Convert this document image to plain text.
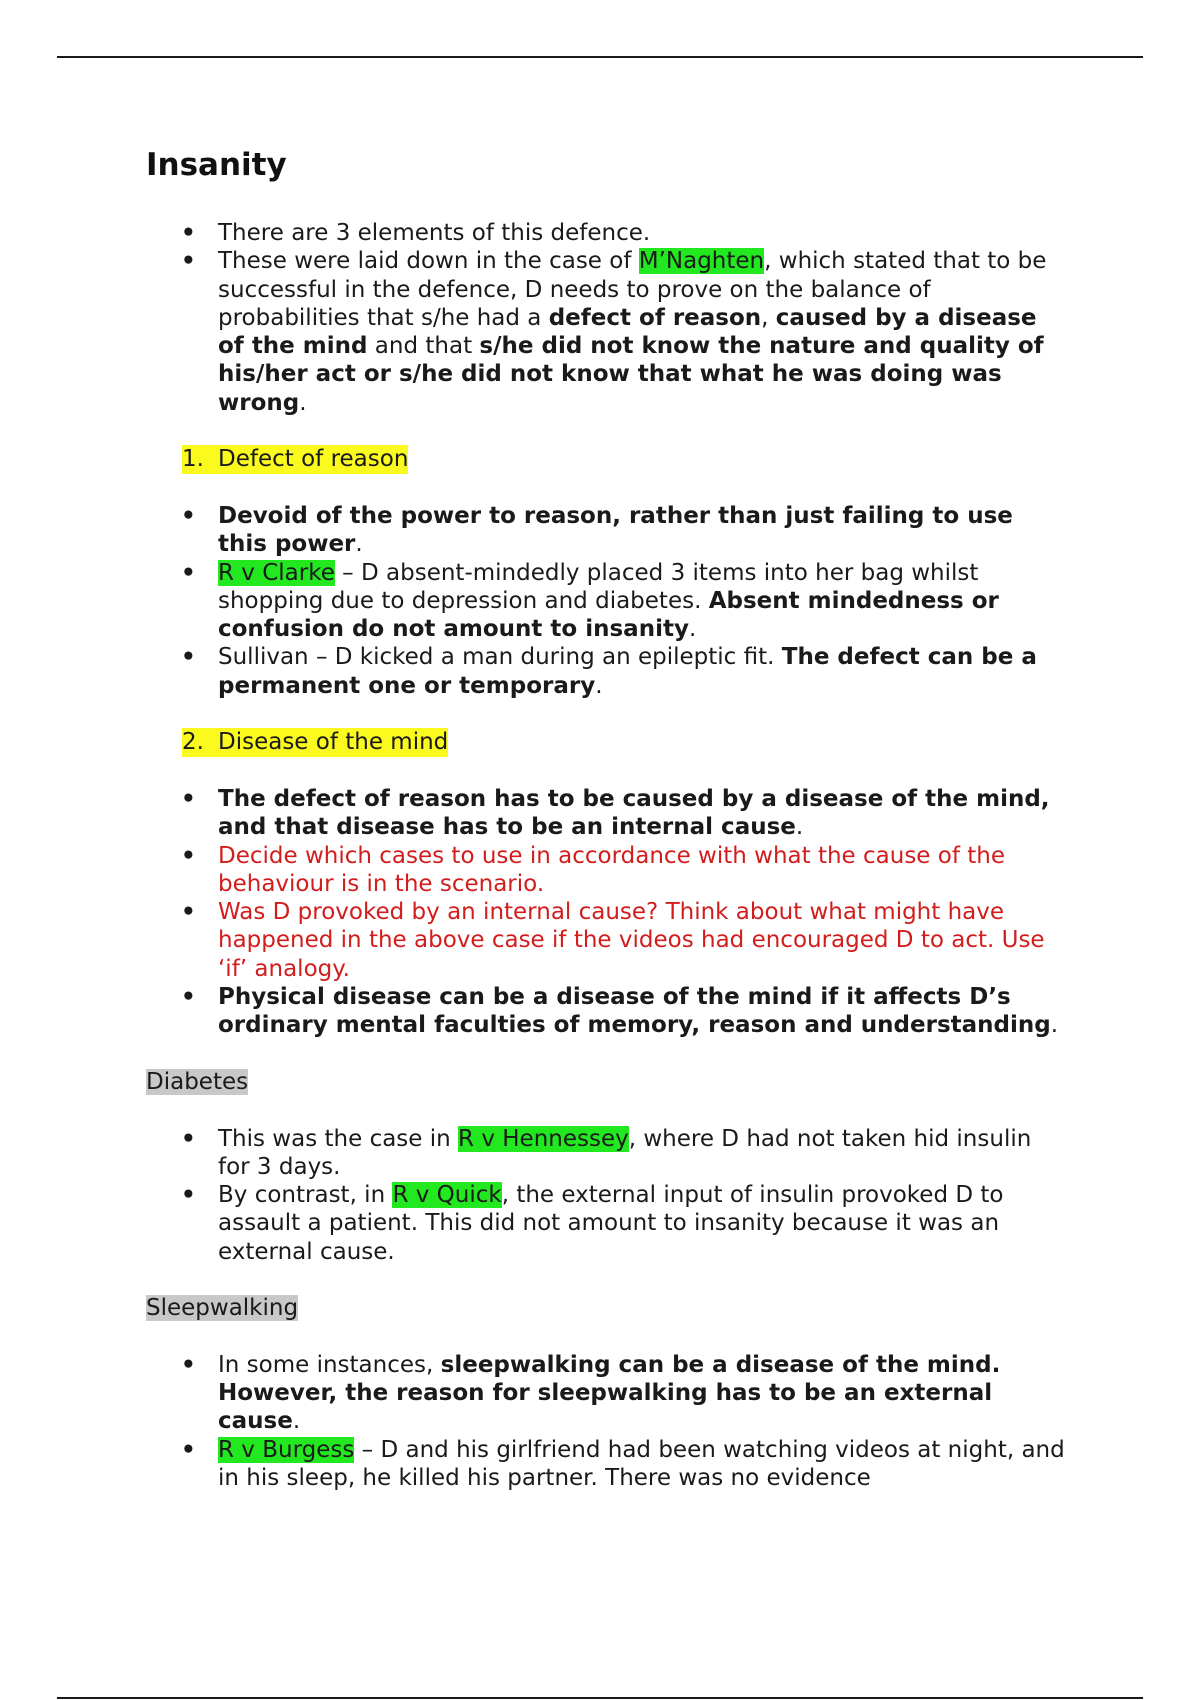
Insanity
• There are 3 elements of this defence.
• These were laid down in the case of M’Naghten, which stated that to be successful in the defence, D needs to prove on the balance of probabilities that s/he had a defect of reason, caused by a disease of the mind and that s/he did not know the nature and quality of his/her act or s/he did not know that what he was doing was wrong.
1. Defect of reason
• Devoid of the power to reason, rather than just failing to use this power.
• R v Clarke – D absent-mindedly placed 3 items into her bag whilst shopping due to depression and diabetes. Absent mindedness or confusion do not amount to insanity.
• Sullivan – D kicked a man during an epileptic fit. The defect can be a permanent one or temporary.
2. Disease of the mind
• The defect of reason has to be caused by a disease of the mind, and that disease has to be an internal cause.
• Decide which cases to use in accordance with what the cause of the behaviour is in the scenario.
• Was D provoked by an internal cause? Think about what might have happened in the above case if the videos had encouraged D to act. Use ‘if’ analogy.
• Physical disease can be a disease of the mind if it affects D’s ordinary mental faculties of memory, reason and understanding.
Diabetes
• This was the case in R v Hennessey, where D had not taken hid insulin for 3 days.
• By contrast, in R v Quick, the external input of insulin provoked D to assault a patient. This did not amount to insanity because it was an external cause.
Sleepwalking
• In some instances, sleepwalking can be a disease of the mind. However, the reason for sleepwalking has to be an external cause.
• R v Burgess – D and his girlfriend had been watching videos at night, and in his sleep, he killed his partner. There was no evidence
